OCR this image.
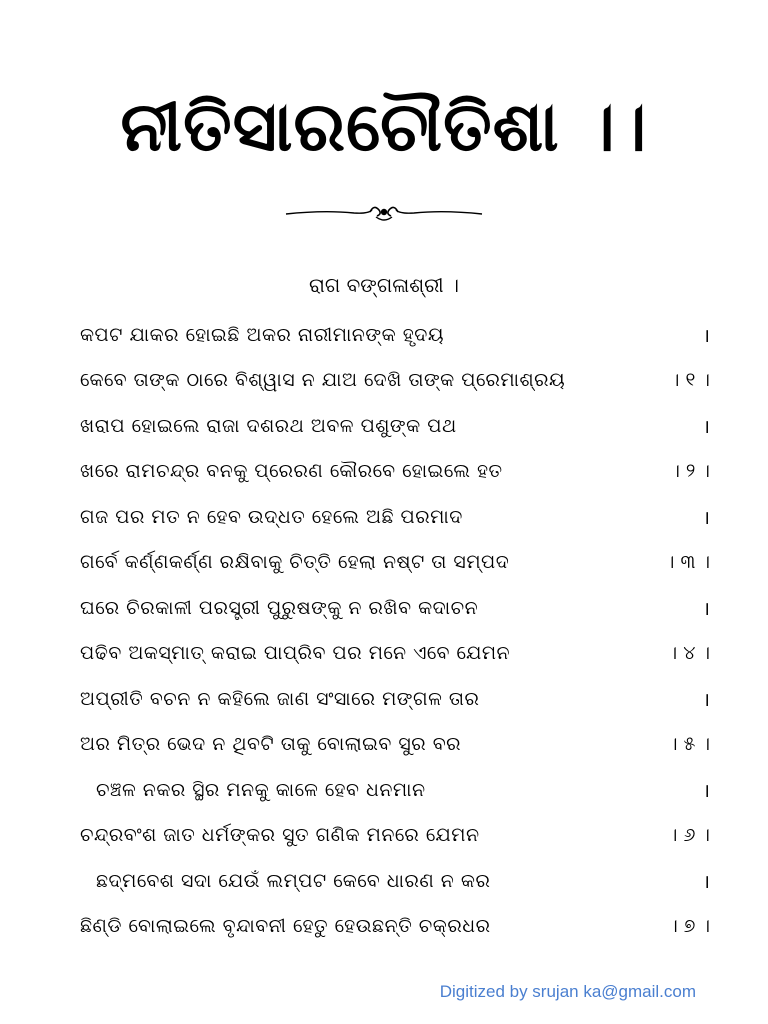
ନୀତିସାରଚୌତିଶା ।।
ରାଗ ବଙ୍ଗଳାଶ୍ରୀ ।
କପଟ ଯାକର ହୋଇଛି ଅକର ନାରୀମାନଙ୍କ ହୃଦୟ	।
କେବେ ତାଙ୍କ ଠାରେ ବିଶ୍ୱାସ ନ ଯାଅ ଦେଖି ତାଙ୍କ ପ୍ରେମାଶ୍ରୟ	। ୧ ।
ଖରାପ ହୋଇଲେ ରାଜା ଦଶରଥ ଅବଳ ପଶୁଙ୍କ ପଥ	।
ଖରେ ରାମଚନ୍ଦ୍ର ବନକୁ ପ୍ରେରଣ କୌରବେ ହୋଇଲେ ହତ	। ୨ ।
ଗଜ ପର ମତ ନ ହେବ ଉଦ୍ଧତ ହେଲେ ଅଛି ପରମାଦ	।
ଗର୍ବେ କର୍ଣ୍ଣକର୍ଣ୍ଣ ରକ୍ଷିବାକୁ ଚିତ୍ତି ହେଲା ନଷ୍ଟ ତା ସମ୍ପଦ	। ୩ ।
ଘରେ ଚିରକାଳୀ ପରସ୍ତ୍ରୀ ପୁରୁଷଙ୍କୁ ନ ରଖିବ କଦାଚନ	।
ପଢିବ ଅକସ୍ମାତ୍ କରାଇ ପାପ୍ରିବ ପର ମନେ ଏବେ ଯେମନ	। ୪ ।
ଅପ୍ରୀତି ବଚନ ନ କହିଲେ ଜାଣ ସଂସାରେ ମଙ୍ଗଳ ତାର	।
ଅର ମିତ୍ର ଭେଦ ନ ଥିବଟି ତାକୁ ବୋଲାଇବ ସୁର ବର	। ୫ ।
ଚଞ୍ଚଳ ନକର ସ୍ଥିର ମନକୁ କାଳେ ହେବ ଧନମାନ	।
ଚନ୍ଦ୍ରବଂଶ ଜାତ ଧର୍ମଙ୍କର ସୁତ ଗଣିକ ମନରେ ଯେମନ	। ୬ ।
ଛଦ୍ମବେଶ ସଦା ଯେଉଁ ଲମ୍ପଟ କେବେ ଧାରଣ ନ କର	।
ଛିଣ୍ଡି ବୋଲାଇଲେ ବୃନ୍ଦାବନୀ ହେତୁ ହେଉଛନ୍ତି ଚକ୍ରଧର	। ୭ ।
Digitized by srujan ka@gmail.com
